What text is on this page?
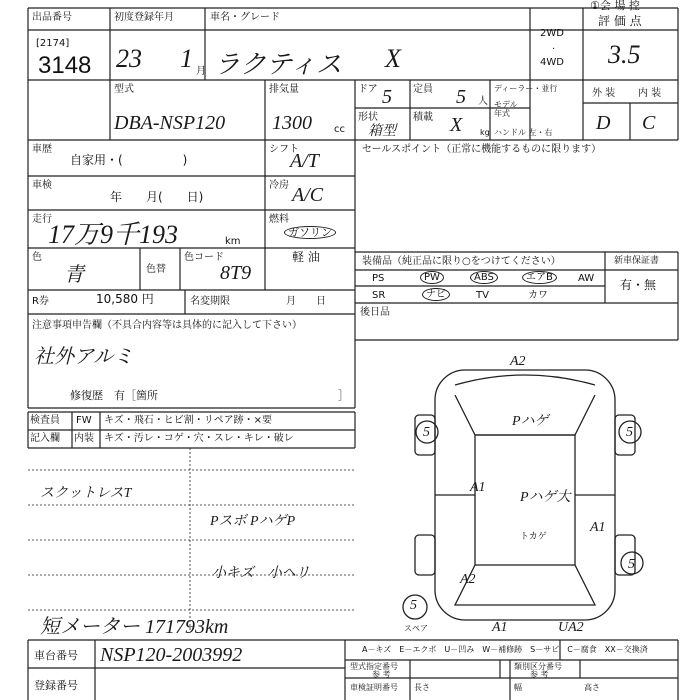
出品番号
[2174]
3148
初度登録年月
23 1 月
車名・グレード
ラクティス X
2WD
·
4WD
評 価 点
3.5
①会 場 控
型式
DBA-NSP120
排気量
1300 cc
ドア 5 定員 5 人
ディーラー・並行
モデル 年式
形状
箱型
積載 X kg ハンドル 左・右
外 装 内 装
D C
車歴
自家用・(　　　　　)
シフト
A/T
車検
年　　月(　　日)
冷房 A/C
走行
17万9千193	km
燃料
ガソリン
軽 油
色
青	色替
色コード
8T9
R券	10,580 円	名変期限	月　　日
注意事項申告欄（不具合内容等は具体的に記入して下さい）
社外アルミ
修復歴　有［箇所	］
セールスポイント（正常に機能するものに限ります）
装備品（純正品に限り○をつけてください）	新車保証書
有・無
PS	PW	ABS	エアB	AW
SR	ナビ	TV	カワ
後日品
検査員
記入欄
FW
内装
キズ・飛石・ヒビ割・リペア跡・×要
キズ・汚レ・コゲ・穴・スレ・キレ・破レ
スクットレスT
Pスボ PハゲP
小キズ　小ヘリ
短メーター 171793km
A2
Pハゲ
5	5
A1
Pハゲ大
5
A1
トカゲ
A2
5
A1	UA2
スペア
A－キズ　E－エクボ　U－凹み　W－補修跡　S－サビ　C－腐食　XX－交換済
車台番号 NSP120-2003992
登録番号
型式指定番号
参 考
類別区分番号
参 考
車検証明番号 長さ	幅	高さ
